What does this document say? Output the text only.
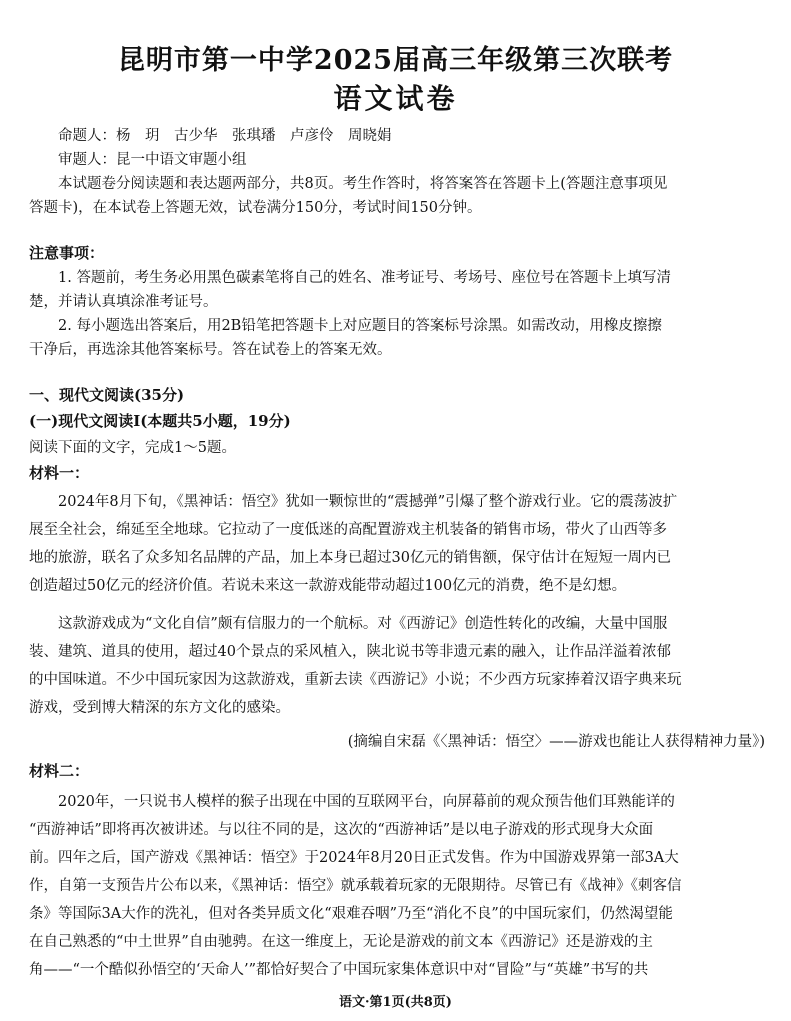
昆明市第一中学2025届高三年级第三次联考
语文试卷
命题人：杨　玥　古少华　张琪璠　卢彦伶　周晓娟
审题人：昆一中语文审题小组
本试题卷分阅读题和表达题两部分，共8页。考生作答时，将答案答在答题卡上(答题注意事项见
答题卡)，在本试卷上答题无效，试卷满分150分，考试时间150分钟。
注意事项：
1. 答题前，考生务必用黑色碳素笔将自己的姓名、准考证号、考场号、座位号在答题卡上填写清
楚，并请认真填涂准考证号。
2. 每小题选出答案后，用2B铅笔把答题卡上对应题目的答案标号涂黑。如需改动，用橡皮擦擦
干净后，再选涂其他答案标号。答在试卷上的答案无效。
一、现代文阅读(35分)
(一)现代文阅读Ⅰ(本题共5小题，19分)
阅读下面的文字，完成1～5题。
材料一：
2024年8月下旬，《黑神话：悟空》犹如一颗惊世的“震撼弹”引爆了整个游戏行业。它的震荡波扩
展至全社会，绵延至全地球。它拉动了一度低迷的高配置游戏主机装备的销售市场，带火了山西等多
地的旅游，联名了众多知名品牌的产品，加上本身已超过30亿元的销售额，保守估计在短短一周内已
创造超过50亿元的经济价值。若说未来这一款游戏能带动超过100亿元的消费，绝不是幻想。
这款游戏成为“文化自信”颇有信服力的一个航标。对《西游记》创造性转化的改编，大量中国服
装、建筑、道具的使用，超过40个景点的采风植入，陕北说书等非遗元素的融入，让作品洋溢着浓郁
的中国味道。不少中国玩家因为这款游戏，重新去读《西游记》小说；不少西方玩家捧着汉语字典来玩
游戏，受到博大精深的东方文化的感染。
(摘编自宋磊《〈黑神话：悟空〉——游戏也能让人获得精神力量》)
材料二：
2020年，一只说书人模样的猴子出现在中国的互联网平台，向屏幕前的观众预告他们耳熟能详的
“西游神话”即将再次被讲述。与以往不同的是，这次的“西游神话”是以电子游戏的形式现身大众面
前。四年之后，国产游戏《黑神话：悟空》于2024年8月20日正式发售。作为中国游戏界第一部3A大
作，自第一支预告片公布以来，《黑神话：悟空》就承载着玩家的无限期待。尽管已有《战神》《刺客信
条》等国际3A大作的洗礼，但对各类异质文化“艰难吞咽”乃至“消化不良”的中国玩家们，仍然渴望能
在自己熟悉的“中土世界”自由驰骋。在这一维度上，无论是游戏的前文本《西游记》还是游戏的主
角——“一个酷似孙悟空的‘天命人’”都恰好契合了中国玩家集体意识中对“冒险”与“英雄”书写的共
语文·第1页(共8页)
